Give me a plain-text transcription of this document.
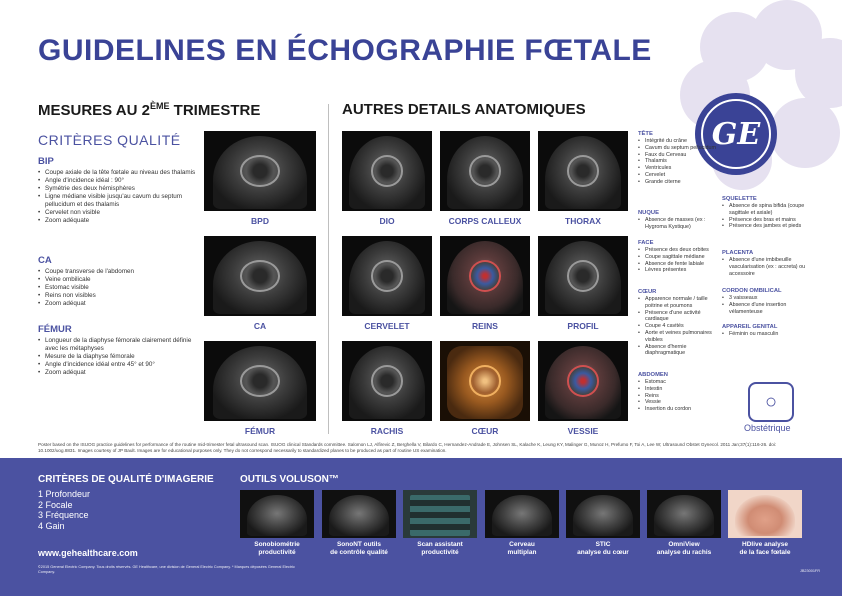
GE
GUIDELINES EN ÉCHOGRAPHIE FŒTALE
MESURES AU 2ÈME TRIMESTRE	AUTRES DETAILS ANATOMIQUES
CRITÈRES QUALITÉ
BIP
• Coupe axiale de la tête fœtale au niveau des thalamis
• Angle d'incidence idéal : 90°
• Symétrie des deux hémisphères
• Ligne médiane visible jusqu'au cavum du septum pellucidum et des thalamis
• Cervelet non visible
• Zoom adéquate
CA
• Coupe transverse de l'abdomen
• Veine ombilicale
• Estomac visible
• Reins non visibles
• Zoom adéquat
FÉMUR
• Longueur de la diaphyse fémorale clairement définie avec les métaphyses
• Mesure de la diaphyse fémorale
• Angle d'incidence idéal entre 45° et 90°
• Zoom adéquat
BPD
CA
FÉMUR
DIO	CORPS CALLEUX	THORAX
CERVELET	REINS	PROFIL
RACHIS	CŒUR	VESSIE
TÊTE
• Intégrité du crâne
• Cavum du septum pellucidum
• Faux du Cerveau
• Thalamis
• Ventricules
• Cervelet
• Grande citerne
NUQUE
• Absence de masses (ex : Hygroma Kystique)
FACE
• Présence des deux orbites
• Coupe sagittale médiane
• Absence de fente labiale
• Lèvres présentes
CŒUR
• Apparence normale / taille poitrine et poumons
• Présence d'une activité cardiaque
• Coupe 4 cavités
• Aorte et veines pulmonaires visibles
• Absence d'hernie diaphragmatique
ABDOMEN
• Estomac
• Intestin
• Reins
• Vessie
• Insertion du cordon
SQUELETTE
• Absence de spina bifida (coupe sagittale et axiale)
• Présence des bras et mains
• Présence des jambes et pieds
PLACENTA
• Absence d'une imbibeuille vascularisation (ex : accreta) ou accessoire
CORDON OMBILICAL
• 3 vaisseaux
• Absence d'une insertion vélamenteuse
APPAREIL GENITAL
• Féminin ou masculin
○
Obstétrique
Poster based on the ISUOG practice guidelines for performance of the routine mid-trimester fetal ultrasound scan. ISUOG clinical Standards committee. Salomon LJ, Alfirevic Z, Berghella V, Bilardo C, Hernandez-Andrade E, Johnsen SL, Kalache K, Leung KY, Malinger G, Munoz H, Prefumo F, Toi A, Lee W; Ultrasound Obstet Gynecol. 2011 Jan;37(1):116-26. doi: 10.1002/uog.8831. Images courtesy of JP Bault. Images are for educational purposes only. They do not correspond necessarily to standardized planes to be produced as part of routine US examination.
CRITÈRES DE QUALITÉ D'IMAGERIE
1 Profondeur
2 Focale
3 Fréquence
4 Gain
www.gehealthcare.com
©2015 General Electric Company. Tous droits réservés. GE Healthcare, une division de General Electric Company. * Marques déposées General Electric Company.	JB23001FR
OUTILS VOLUSON™
Sonobiométrie
productivité
SonoNT outils
de contrôle qualité
Scan assistant
productivité
Cerveau
multiplan
STIC
analyse du cœur
OmniView
analyse du rachis
HDlive analyse
de la face fœtale
